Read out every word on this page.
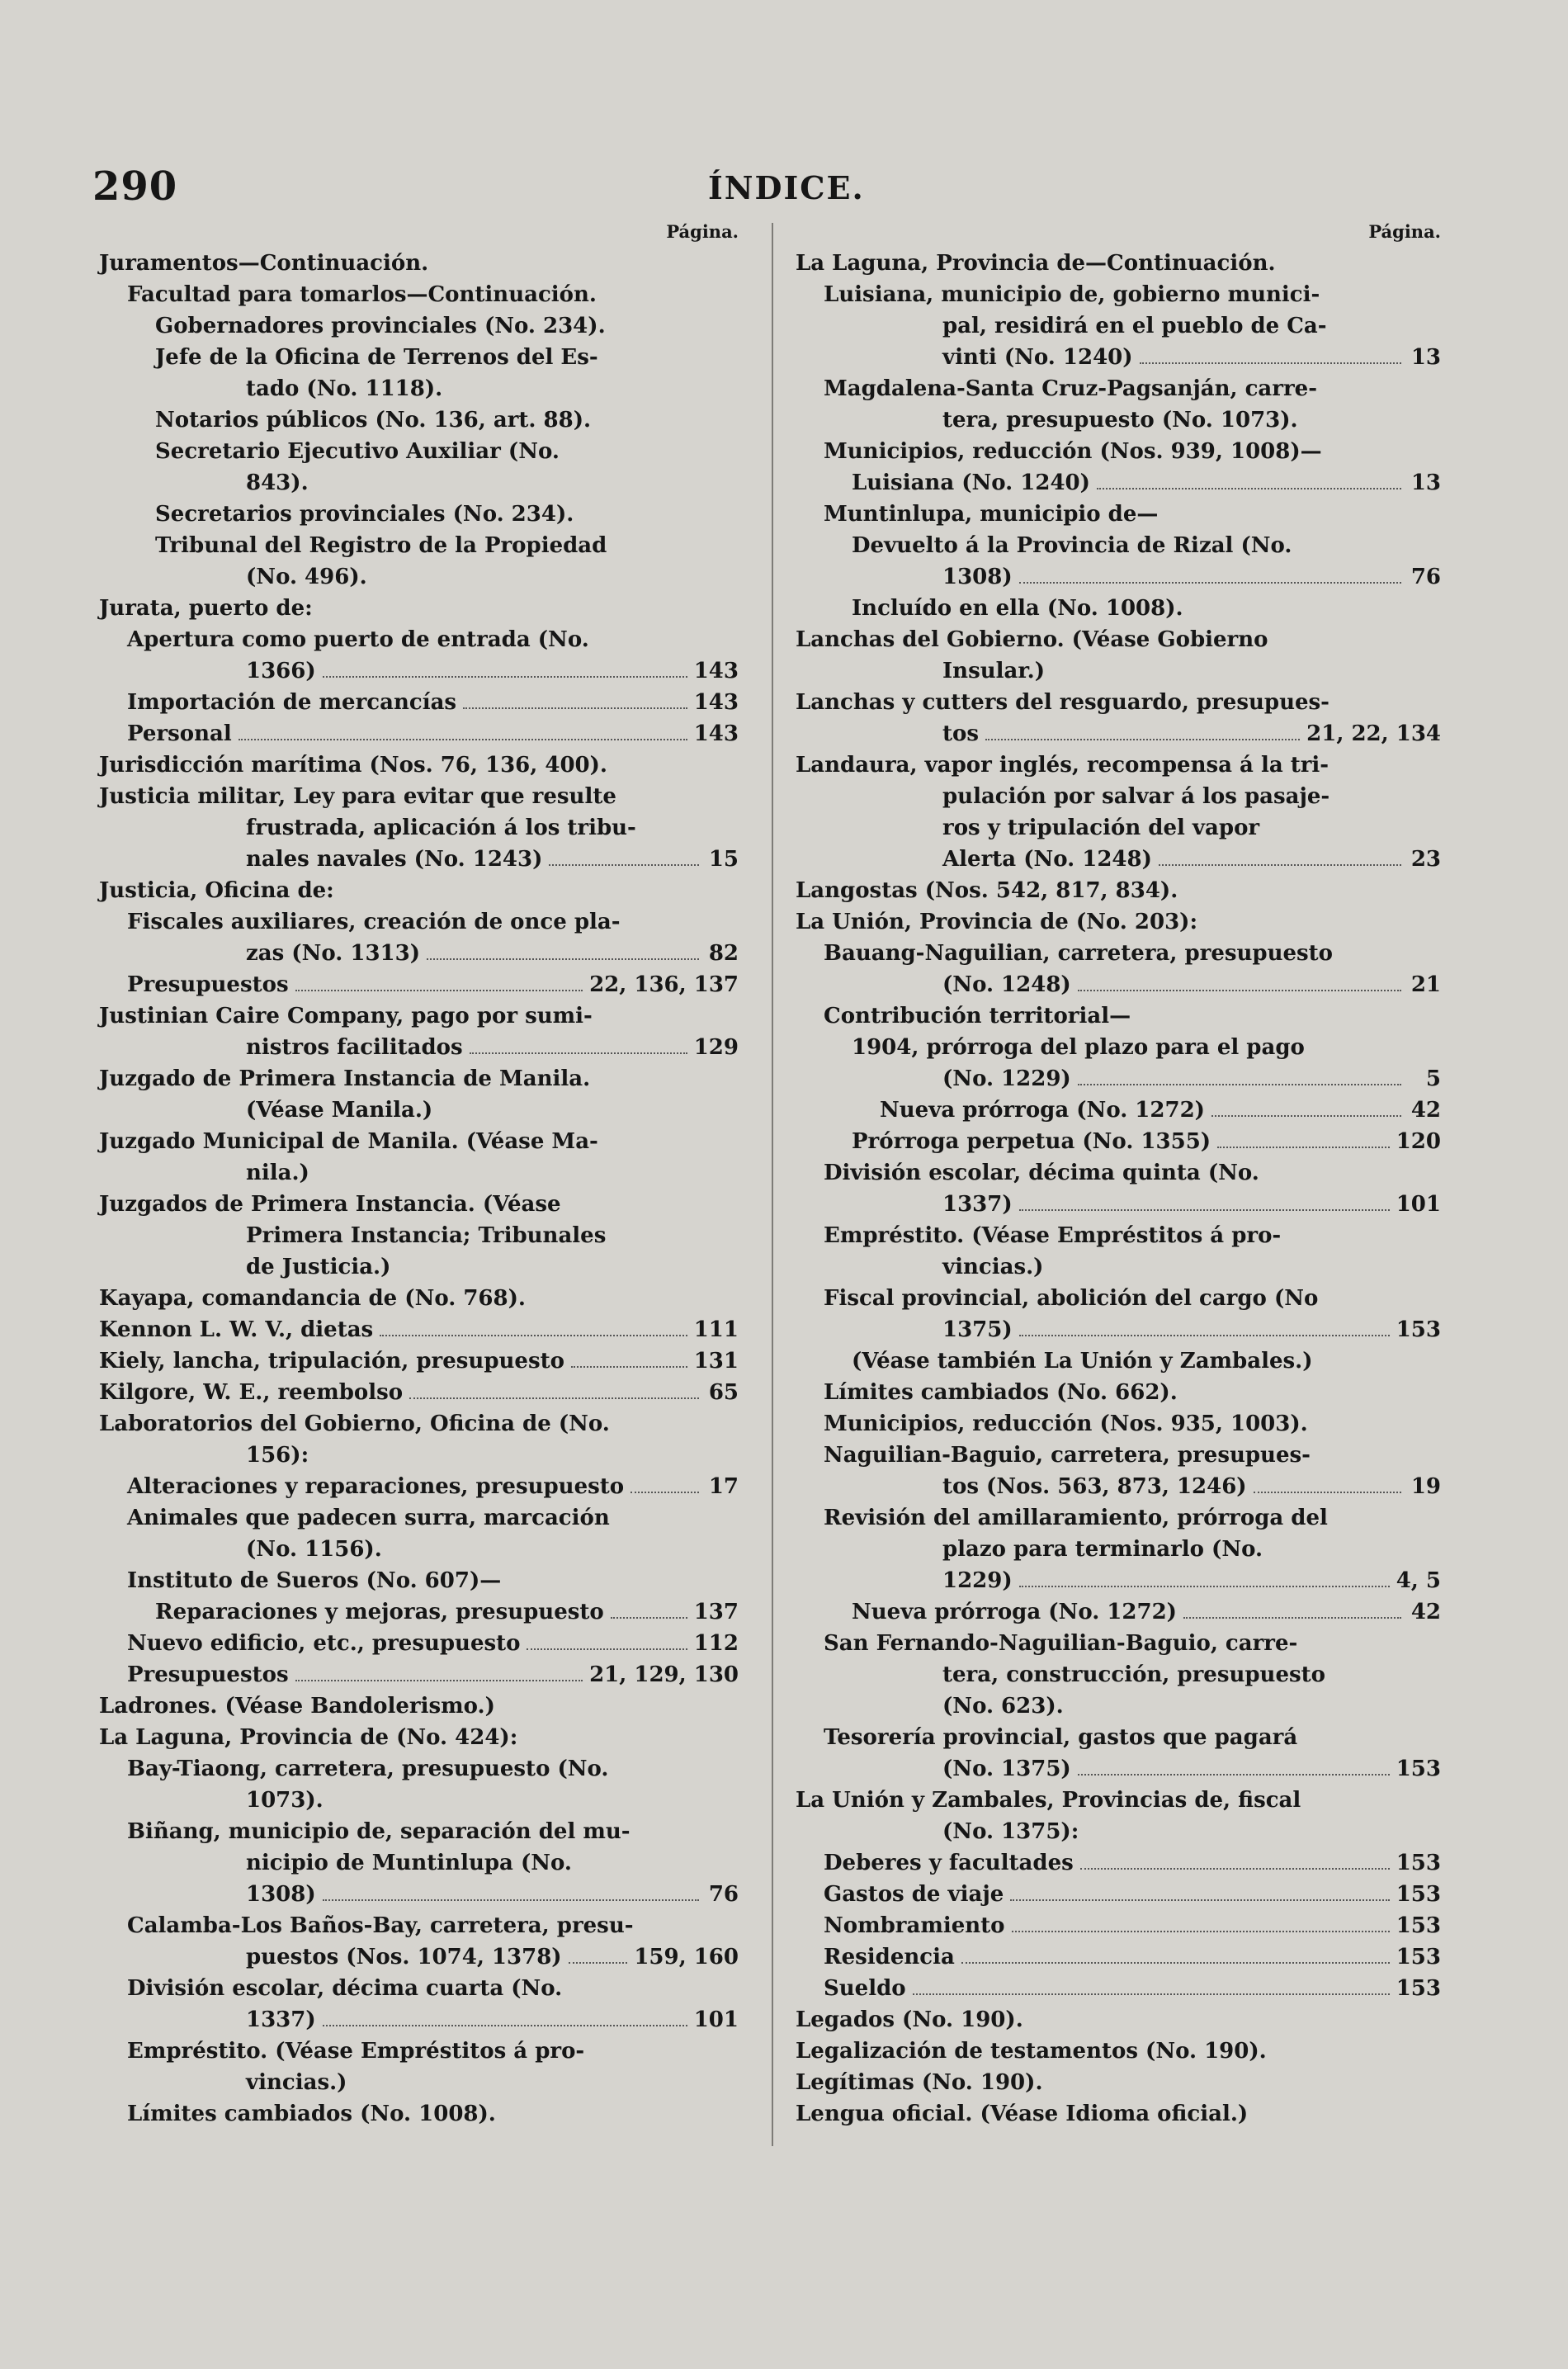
290	ÍNDICE.
Página.
Juramentos—Continuación.
Facultad para tomarlos—Continuación.
Gobernadores provinciales (No. 234).
Jefe de la Oficina de Terrenos del Es-
tado (No. 1118).
Notarios públicos (No. 136, art. 88).
Secretario Ejecutivo Auxiliar (No.
843).
Secretarios provinciales (No. 234).
Tribunal del Registro de la Propiedad
(No. 496).
Jurata, puerto de:
Apertura como puerto de entrada (No.
1366)	143
Importación de mercancías	143
Personal	143
Jurisdicción marítima (Nos. 76, 136, 400).
Justicia militar, Ley para evitar que resulte
frustrada, aplicación á los tribu-
nales navales (No. 1243)	15
Justicia, Oficina de:
Fiscales auxiliares, creación de once pla-
zas (No. 1313)	82
Presupuestos	22, 136, 137
Justinian Caire Company, pago por sumi-
nistros facilitados	129
Juzgado de Primera Instancia de Manila.
(Véase Manila.)
Juzgado Municipal de Manila. (Véase Ma-
nila.)
Juzgados de Primera Instancia. (Véase
Primera Instancia; Tribunales
de Justicia.)
Kayapa, comandancia de (No. 768).
Kennon L. W. V., dietas	111
Kiely, lancha, tripulación, presupuesto	131
Kilgore, W. E., reembolso	65
Laboratorios del Gobierno, Oficina de (No.
156):
Alteraciones y reparaciones, presupuesto	17
Animales que padecen surra, marcación
(No. 1156).
Instituto de Sueros (No. 607)—
Reparaciones y mejoras, presupuesto	137
Nuevo edificio, etc., presupuesto	112
Presupuestos	21, 129, 130
Ladrones. (Véase Bandolerismo.)
La Laguna, Provincia de (No. 424):
Bay-Tiaong, carretera, presupuesto (No.
1073).
Biñang, municipio de, separación del mu-
nicipio de Muntinlupa (No.
1308)	76
Calamba-Los Baños-Bay, carretera, presu-
puestos (Nos. 1074, 1378)	159, 160
División escolar, décima cuarta (No.
1337)	101
Empréstito. (Véase Empréstitos á pro-
vincias.)
Límites cambiados (No. 1008).
Página.
La Laguna, Provincia de—Continuación.
Luisiana, municipio de, gobierno munici-
pal, residirá en el pueblo de Ca-
vinti (No. 1240)	13
Magdalena-Santa Cruz-Pagsanján, carre-
tera, presupuesto (No. 1073).
Municipios, reducción (Nos. 939, 1008)—
Luisiana (No. 1240)	13
Muntinlupa, municipio de—
Devuelto á la Provincia de Rizal (No.
1308)	76
Incluído en ella (No. 1008).
Lanchas del Gobierno. (Véase Gobierno
Insular.)
Lanchas y cutters del resguardo, presupues-
tos	21, 22, 134
Landaura, vapor inglés, recompensa á la tri-
pulación por salvar á los pasaje-
ros y tripulación del vapor
Alerta (No. 1248)	23
Langostas (Nos. 542, 817, 834).
La Unión, Provincia de (No. 203):
Bauang-Naguilian, carretera, presupuesto
(No. 1248)	21
Contribución territorial—
1904, prórroga del plazo para el pago
(No. 1229)	5
Nueva prórroga (No. 1272)	42
Prórroga perpetua (No. 1355)	120
División escolar, décima quinta (No.
1337)	101
Empréstito. (Véase Empréstitos á pro-
vincias.)
Fiscal provincial, abolición del cargo (No
1375)	153
(Véase también La Unión y Zambales.)
Límites cambiados (No. 662).
Municipios, reducción (Nos. 935, 1003).
Naguilian-Baguio, carretera, presupues-
tos (Nos. 563, 873, 1246)	19
Revisión del amillaramiento, prórroga del
plazo para terminarlo (No.
1229)	4, 5
Nueva prórroga (No. 1272)	42
San Fernando-Naguilian-Baguio, carre-
tera, construcción, presupuesto
(No. 623).
Tesorería provincial, gastos que pagará
(No. 1375)	153
La Unión y Zambales, Provincias de, fiscal
(No. 1375):
Deberes y facultades	153
Gastos de viaje	153
Nombramiento	153
Residencia	153
Sueldo	153
Legados (No. 190).
Legalización de testamentos (No. 190).
Legítimas (No. 190).
Lengua oficial. (Véase Idioma oficial.)
